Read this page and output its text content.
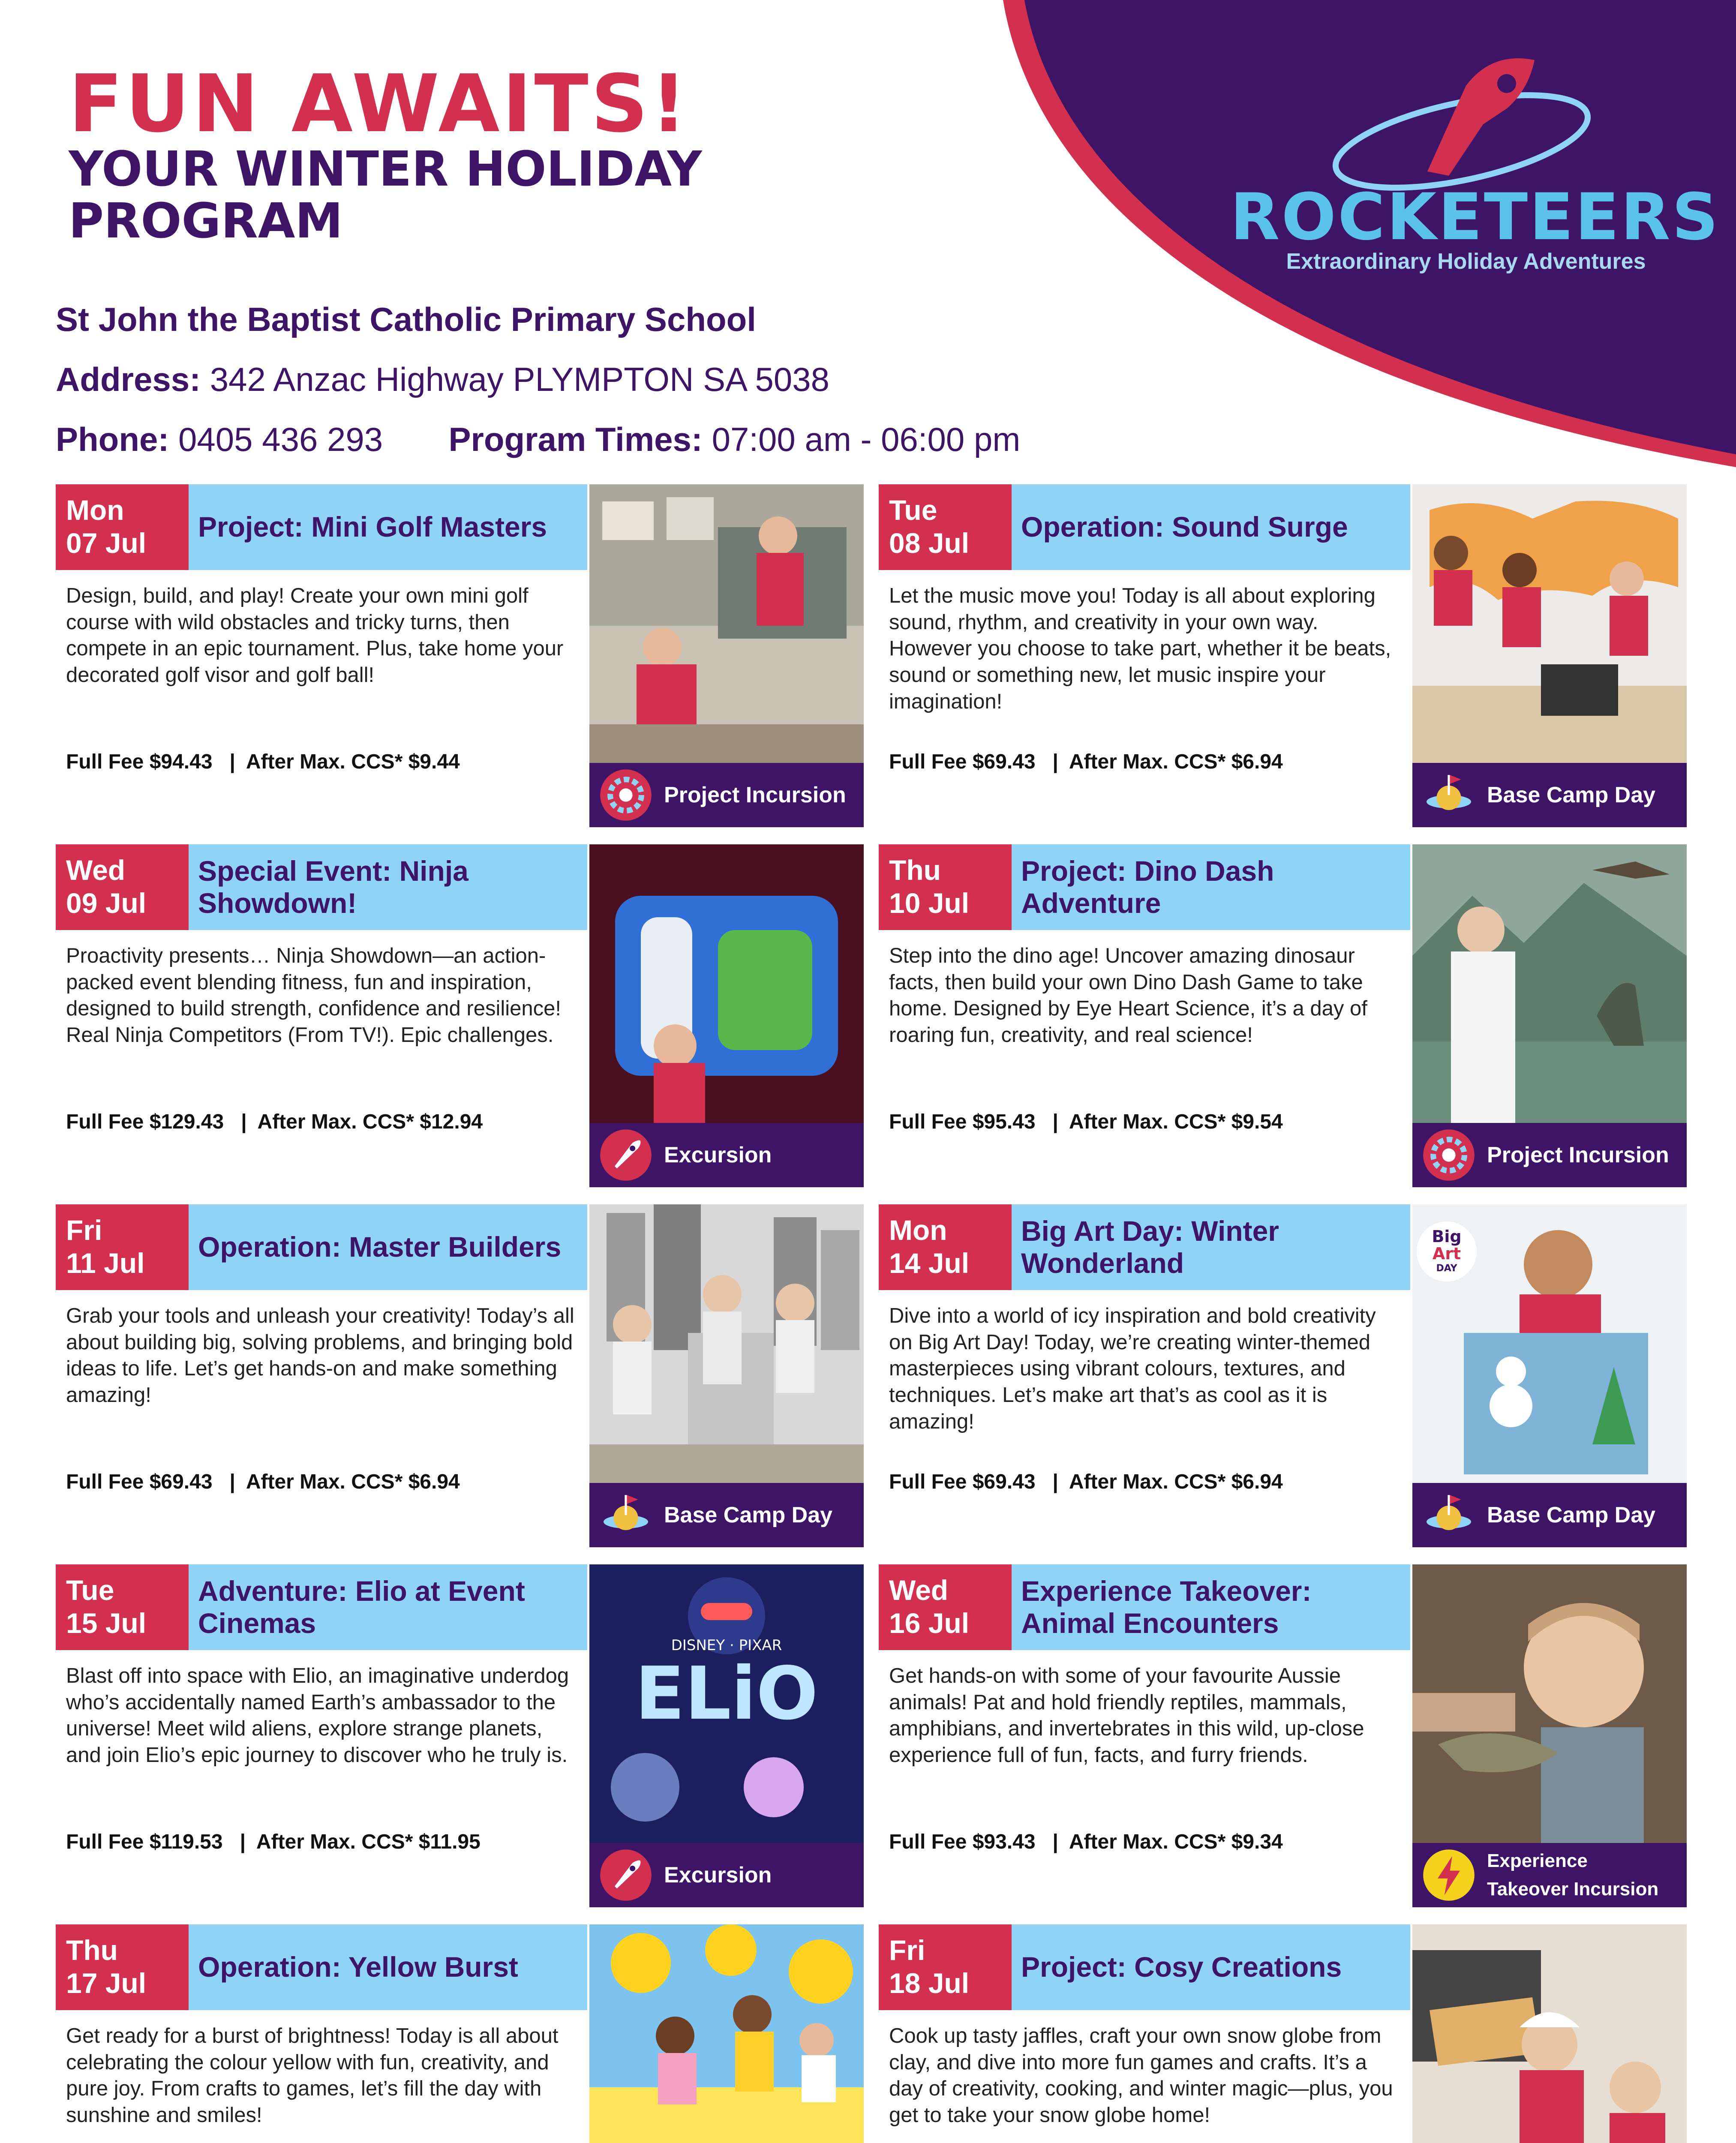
FUN AWAITS!
YOUR WINTER HOLIDAY PROGRAM
St John the Baptist Catholic Primary School
Address: 342 Anzac Highway PLYMPTON SA 5038
Phone: 0405 436 293 Program Times: 07:00 am - 06:00 pm
ROCKETEERS
Extraordinary Holiday Adventures
Mon
07 Jul
Project: Mini Golf Masters
Design, build, and play! Create your own mini golf course with wild obstacles and tricky turns, then compete in an epic tournament. Plus, take home your decorated golf visor and golf ball!
Full Fee $94.43   |  After Max. CCS* $9.44
Project Incursion
Tue
08 Jul
Operation: Sound Surge
Let the music move you! Today is all about exploring sound, rhythm, and creativity in your own way. However you choose to take part, whether it be beats, sound or something new, let music inspire your imagination!
Full Fee $69.43   |  After Max. CCS* $6.94
Base Camp Day
Wed
09 Jul
Special Event: Ninja Showdown!
Proactivity presents… Ninja Showdown—an action-packed event blending fitness, fun and inspiration, designed to build strength, confidence and resilience! Real Ninja Competitors (From TV!). Epic challenges.
Full Fee $129.43   |  After Max. CCS* $12.94
Excursion
Thu
10 Jul
Project: Dino Dash Adventure
Step into the dino age! Uncover amazing dinosaur facts, then build your own Dino Dash Game to take home. Designed by Eye Heart Science, it’s a day of roaring fun, creativity, and real science!
Full Fee $95.43   |  After Max. CCS* $9.54
Project Incursion
Fri
11 Jul
Operation: Master Builders
Grab your tools and unleash your creativity! Today’s all about building big, solving problems, and bringing bold ideas to life. Let’s get hands-on and make something amazing!
Full Fee $69.43   |  After Max. CCS* $6.94
Base Camp Day
Mon
14 Jul
Big Art Day: Winter Wonderland
Dive into a world of icy inspiration and bold creativity on Big Art Day! Today, we’re creating winter-themed masterpieces using vibrant colours, textures, and techniques. Let’s make art that’s as cool as it is amazing!
Full Fee $69.43   |  After Max. CCS* $6.94
Big
Art
DAY
Base Camp Day
Tue
15 Jul
Adventure: Elio at Event Cinemas
Blast off into space with Elio, an imaginative underdog who’s accidentally named Earth’s ambassador to the universe! Meet wild aliens, explore strange planets, and join Elio’s epic journey to discover who he truly is.
Full Fee $119.53   |  After Max. CCS* $11.95
DISNEY · PIXAR
ELiO
Excursion
Wed
16 Jul
Experience Takeover: Animal Encounters
Get hands-on with some of your favourite Aussie animals! Pat and hold friendly reptiles, mammals, amphibians, and invertebrates in this wild, up-close experience full of fun, facts, and furry friends.
Full Fee $93.43   |  After Max. CCS* $9.34
Experience Takeover Incursion
Thu
17 Jul
Operation: Yellow Burst
Get ready for a burst of brightness! Today is all about celebrating the colour yellow with fun, creativity, and pure joy. From crafts to games, let’s fill the day with sunshine and smiles!
Fri
18 Jul
Project: Cosy Creations
Cook up tasty jaffles, craft your own snow globe from clay, and dive into more fun games and crafts. It’s a day of creativity, cooking, and winter magic—plus, you get to take your snow globe home!
